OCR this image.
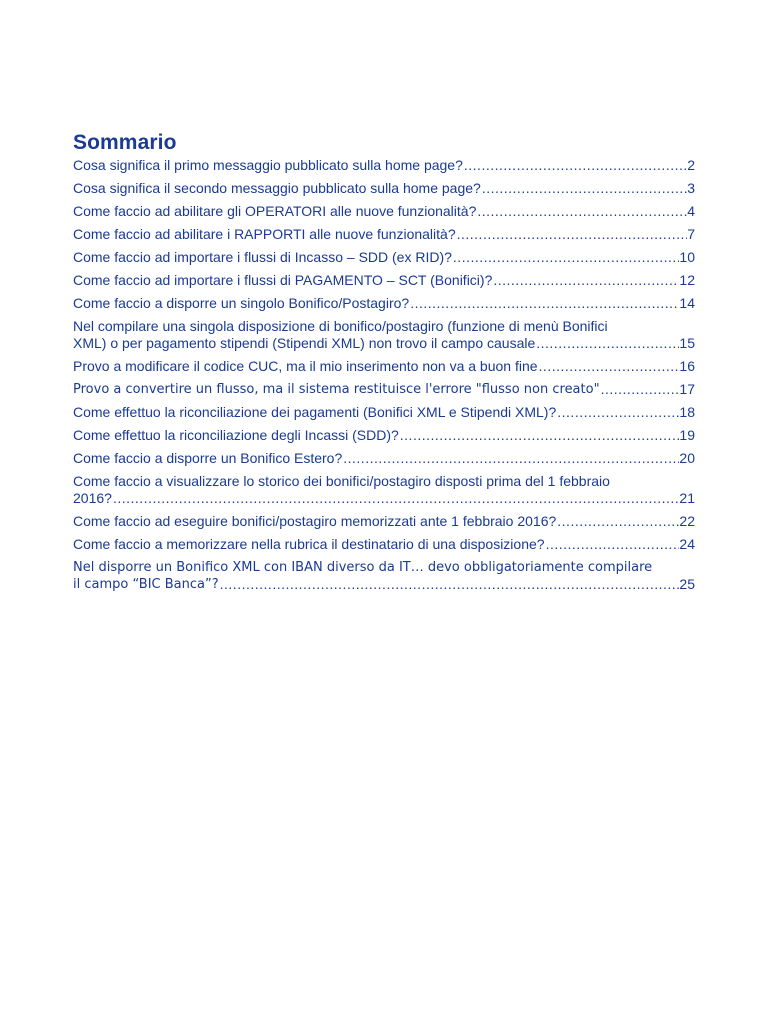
Sommario
Cosa significa il primo messaggio pubblicato sulla home page? .....	2
Cosa significa il secondo messaggio pubblicato sulla home page? .....	3
Come faccio ad abilitare gli OPERATORI alle nuove funzionalità? .....	4
Come faccio ad abilitare i RAPPORTI alle nuove funzionalità? .....	7
Come faccio ad importare i flussi di Incasso – SDD (ex RID)? .....	10
Come faccio ad importare i flussi di PAGAMENTO – SCT (Bonifici)? .....	12
Come faccio a disporre un singolo Bonifico/Postagiro? .....	14
Nel compilare una singola disposizione di bonifico/postagiro (funzione di menù Bonifici
XML) o per pagamento stipendi (Stipendi XML) non trovo il campo causale .....	15
Provo a modificare il codice CUC, ma il mio inserimento non va a buon fine .....	16
Provo a convertire un flusso, ma il sistema restituisce l'errore "flusso non creato" .....	17
Come effettuo la riconciliazione dei pagamenti (Bonifici XML e Stipendi XML)? .....	18
Come effettuo la riconciliazione degli Incassi (SDD)? .....	19
Come faccio a disporre un Bonifico Estero? .....	20
Come faccio a visualizzare lo storico dei bonifici/postagiro disposti prima del 1 febbraio
2016? .....	21
Come faccio ad eseguire bonifici/postagiro memorizzati ante 1 febbraio 2016? .....	22
Come faccio a memorizzare nella rubrica il destinatario di una disposizione? .....	24
Nel disporre un Bonifico XML con IBAN diverso da IT… devo obbligatoriamente compilare
il campo “BIC Banca”? .....	25
